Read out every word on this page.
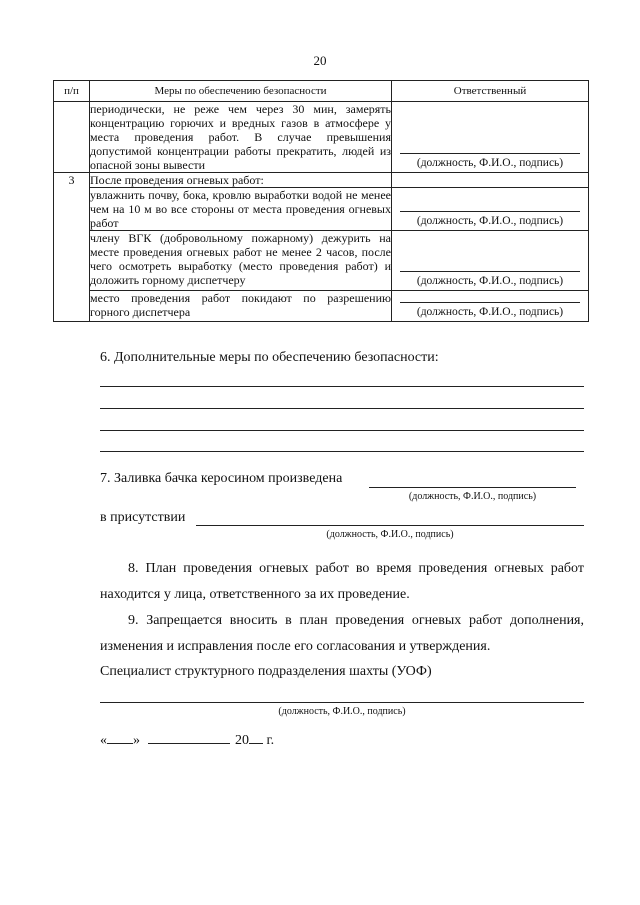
20
п/п	Меры по обеспечению безопасности	Ответственный
	периодически, не реже чем через 30 мин, замерять концентрацию горючих и вредных газов в атмосфере у места проведения работ. В случае превышения допустимой концентрации работы прекратить, людей из опасной зоны вывести	(должность, Ф.И.О., подпись)

3	После проведения огневых работ:	
	увлажнить почву, бока, кровлю выработки водой не менее чем на 10 м во все стороны от места проведения огневых работ	(должность, Ф.И.О., подпись)

	члену ВГК (добровольному пожарному) дежурить на месте проведения огневых работ не менее 2 часов, после чего осмотреть выработку (место проведения работ) и доложить горному диспетчеру	(должность, Ф.И.О., подпись)

	место проведения работ покидают по разрешению горного диспетчера	(должность, Ф.И.О., подпись)
6. Дополнительные меры по обеспечению безопасности:
7. Заливка бачка керосином произведена
(должность, Ф.И.О., подпись)
в присутствии
(должность, Ф.И.О., подпись)
8. План проведения огневых работ во время проведения огневых работ находится у лица, ответственного за их проведение.
9. Запрещается вносить в план проведения огневых работ дополнения, изменения и исправления после его согласования и утверждения.
Специалист структурного подразделения шахты (УОФ)
(должность, Ф.И.О., подпись)
« »	20 г.
